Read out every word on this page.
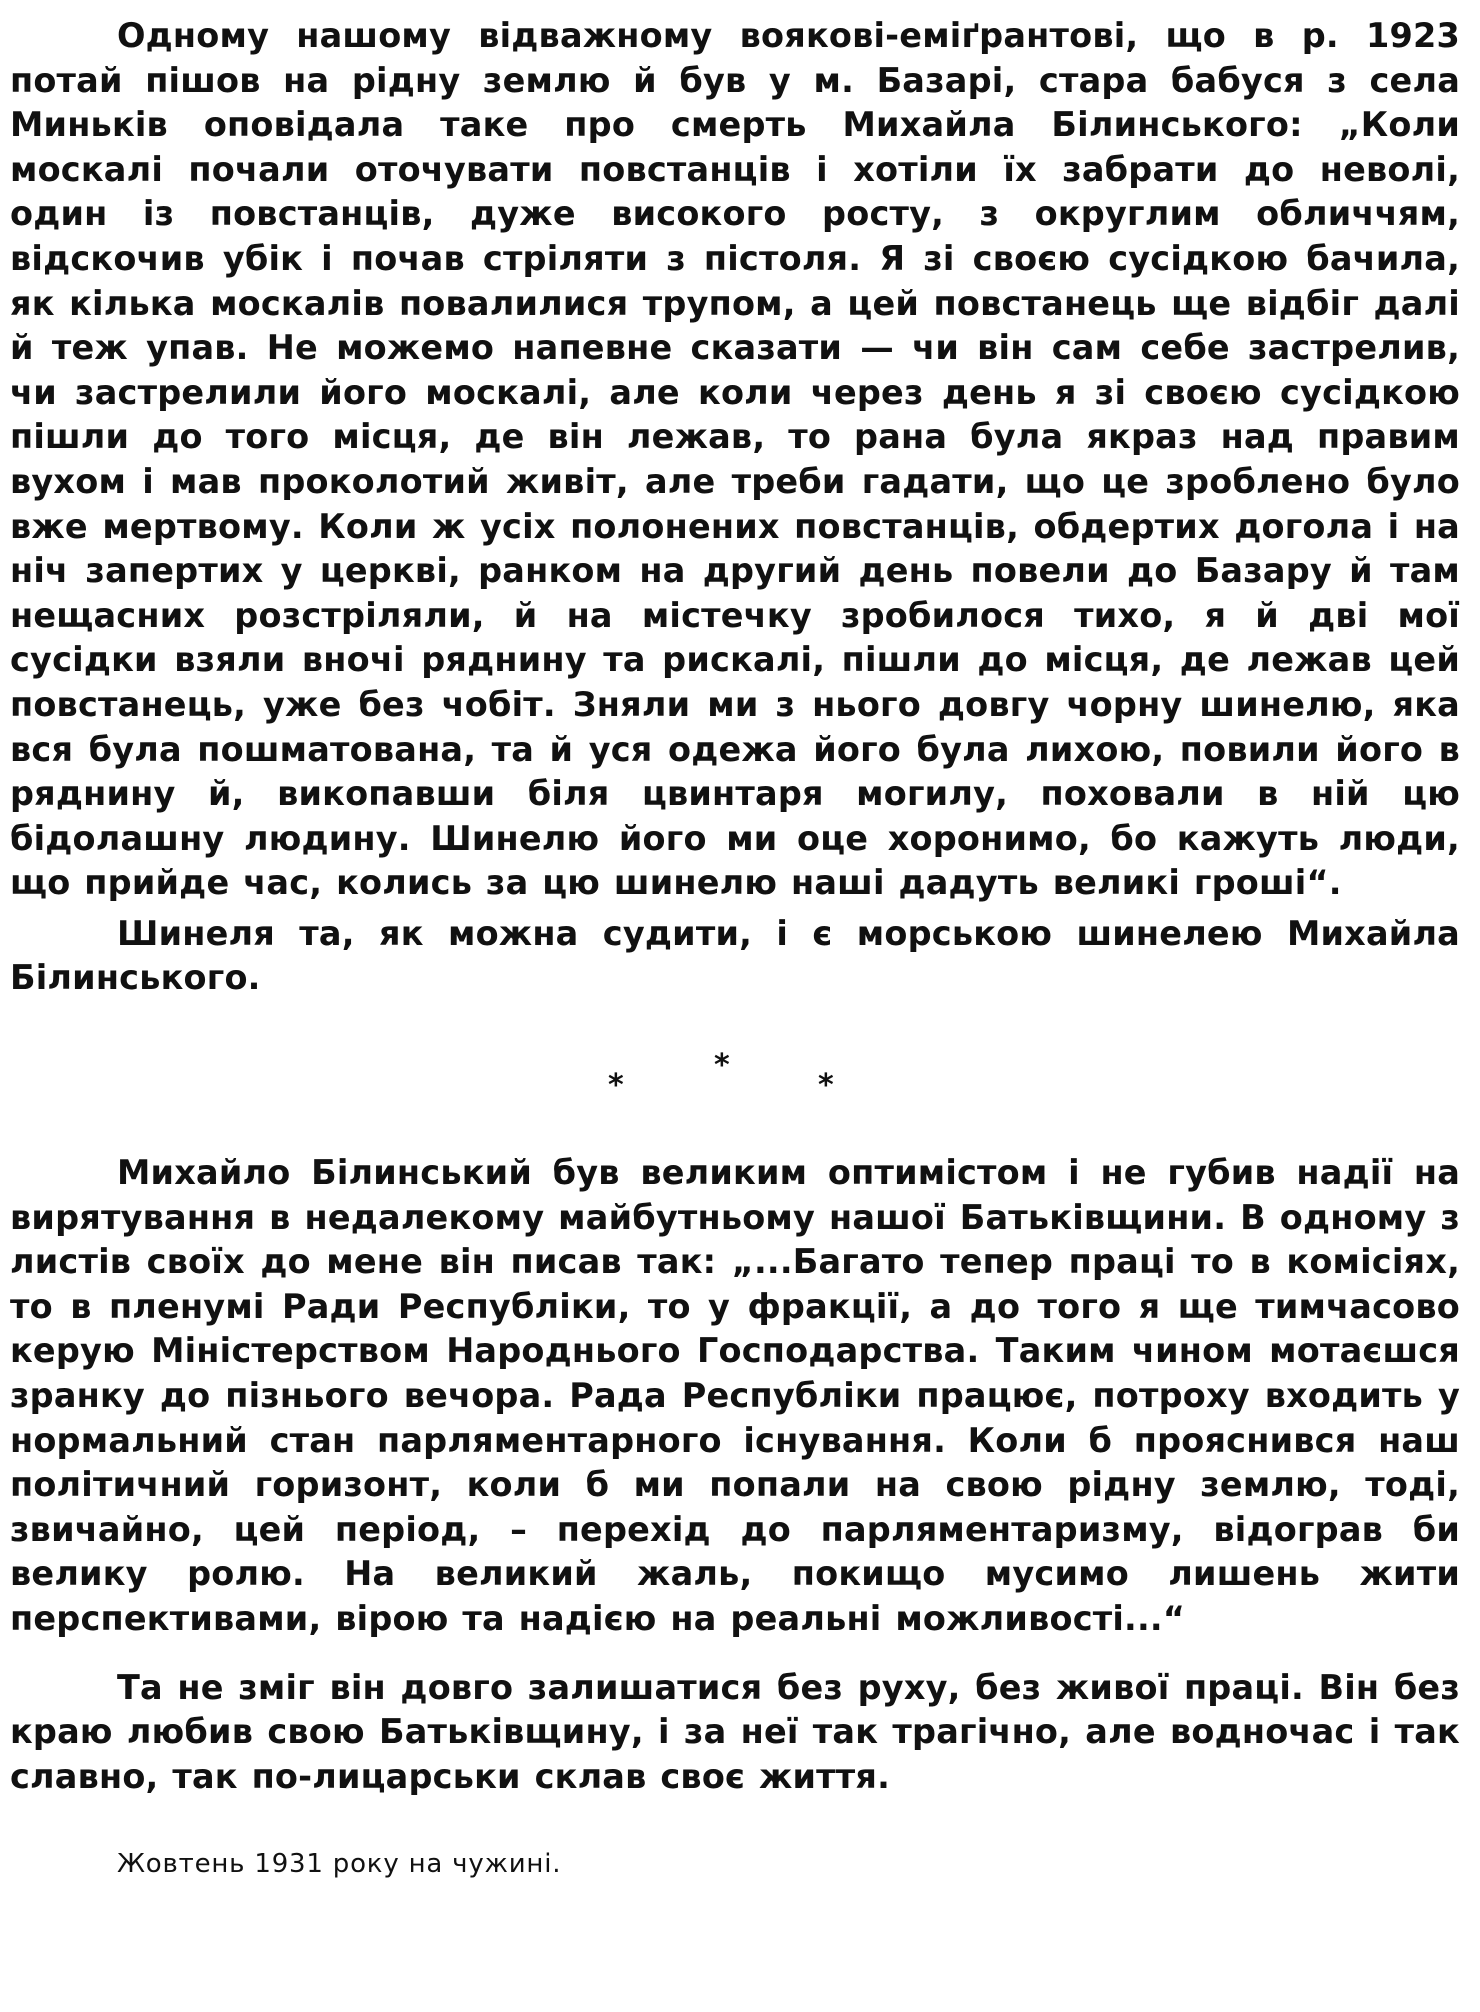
Одному нашому відважному воякові-еміґрантові, що в р. 1923 потай пішов на рідну землю й був у м. Базарі, стара бабуся з села Миньків оповідала таке про смерть Михайла Білинського: „Коли москалі почали оточувати повстанців і хотіли їх забрати до неволі, один із повстанців, дуже високого росту, з округлим обличчям, відскочив убік і почав стріляти з пістоля. Я зі своєю сусідкою бачила, як кілька москалів повалилися трупом, а цей повстанець ще відбіг далі й теж упав. Не можемо напевне сказати — чи він сам себе застрелив, чи застрелили його москалі, але коли через день я зі своєю сусідкою пішли до того місця, де він лежав, то рана була якраз над правим вухом і мав проколотий живіт, але треби гадати, що це зроблено було вже мертвому. Коли ж усіх полонених повстанців, обдертих догола і на ніч запертих у церкві, ранком на другий день повели до Базару й там нещасних розстріляли, й на містечку зробилося тихо, я й дві мої сусідки взяли вночі ряднину та рискалі, пішли до місця, де лежав цей повстанець, уже без чобіт. Зняли ми з нього довгу чорну шинелю, яка вся була пошматована, та й уся одежа його була лихою, повили його в ряднину й, викопавши біля цвинтаря могилу, поховали в ній цю бідолашну людину. Шинелю його ми оце хоронимо, бо кажуть люди, що прийде час, колись за цю шинелю наші дадуть великі гроші“.

Шинеля та, як можна судити, і є морською шинелею Михайла Білинського.

*
*
*

Михайло Білинський був великим оптимістом і не губив надії на вирятування в недалекому майбутньому нашої Батьківщини. В одному з листів своїх до мене він писав так: „...Багато тепер праці то в комісіях, то в пленумі Ради Республіки, то у фракції, а до того я ще тимчасово керую Міністерством Народнього Господарства. Таким чином мотаєшся зранку до пізнього вечора. Рада Республіки працює, потроху входить у нормальний стан парляментарного існування. Коли б прояснився наш політичний горизонт, коли б ми попали на свою рідну землю, тоді, звичайно, цей період, – перехід до парляментаризму, відограв би велику ролю. На великий жаль, покищо мусимо лишень жити перспективами, вірою та надією на реальні можливості...“

Та не зміг він довго залишатися без руху, без живої праці. Він без краю любив свою Батьківщину, і за неї так трагічно, але водночас і так славно, так по-лицарськи склав своє життя.

Жовтень 1931 року на чужині.
